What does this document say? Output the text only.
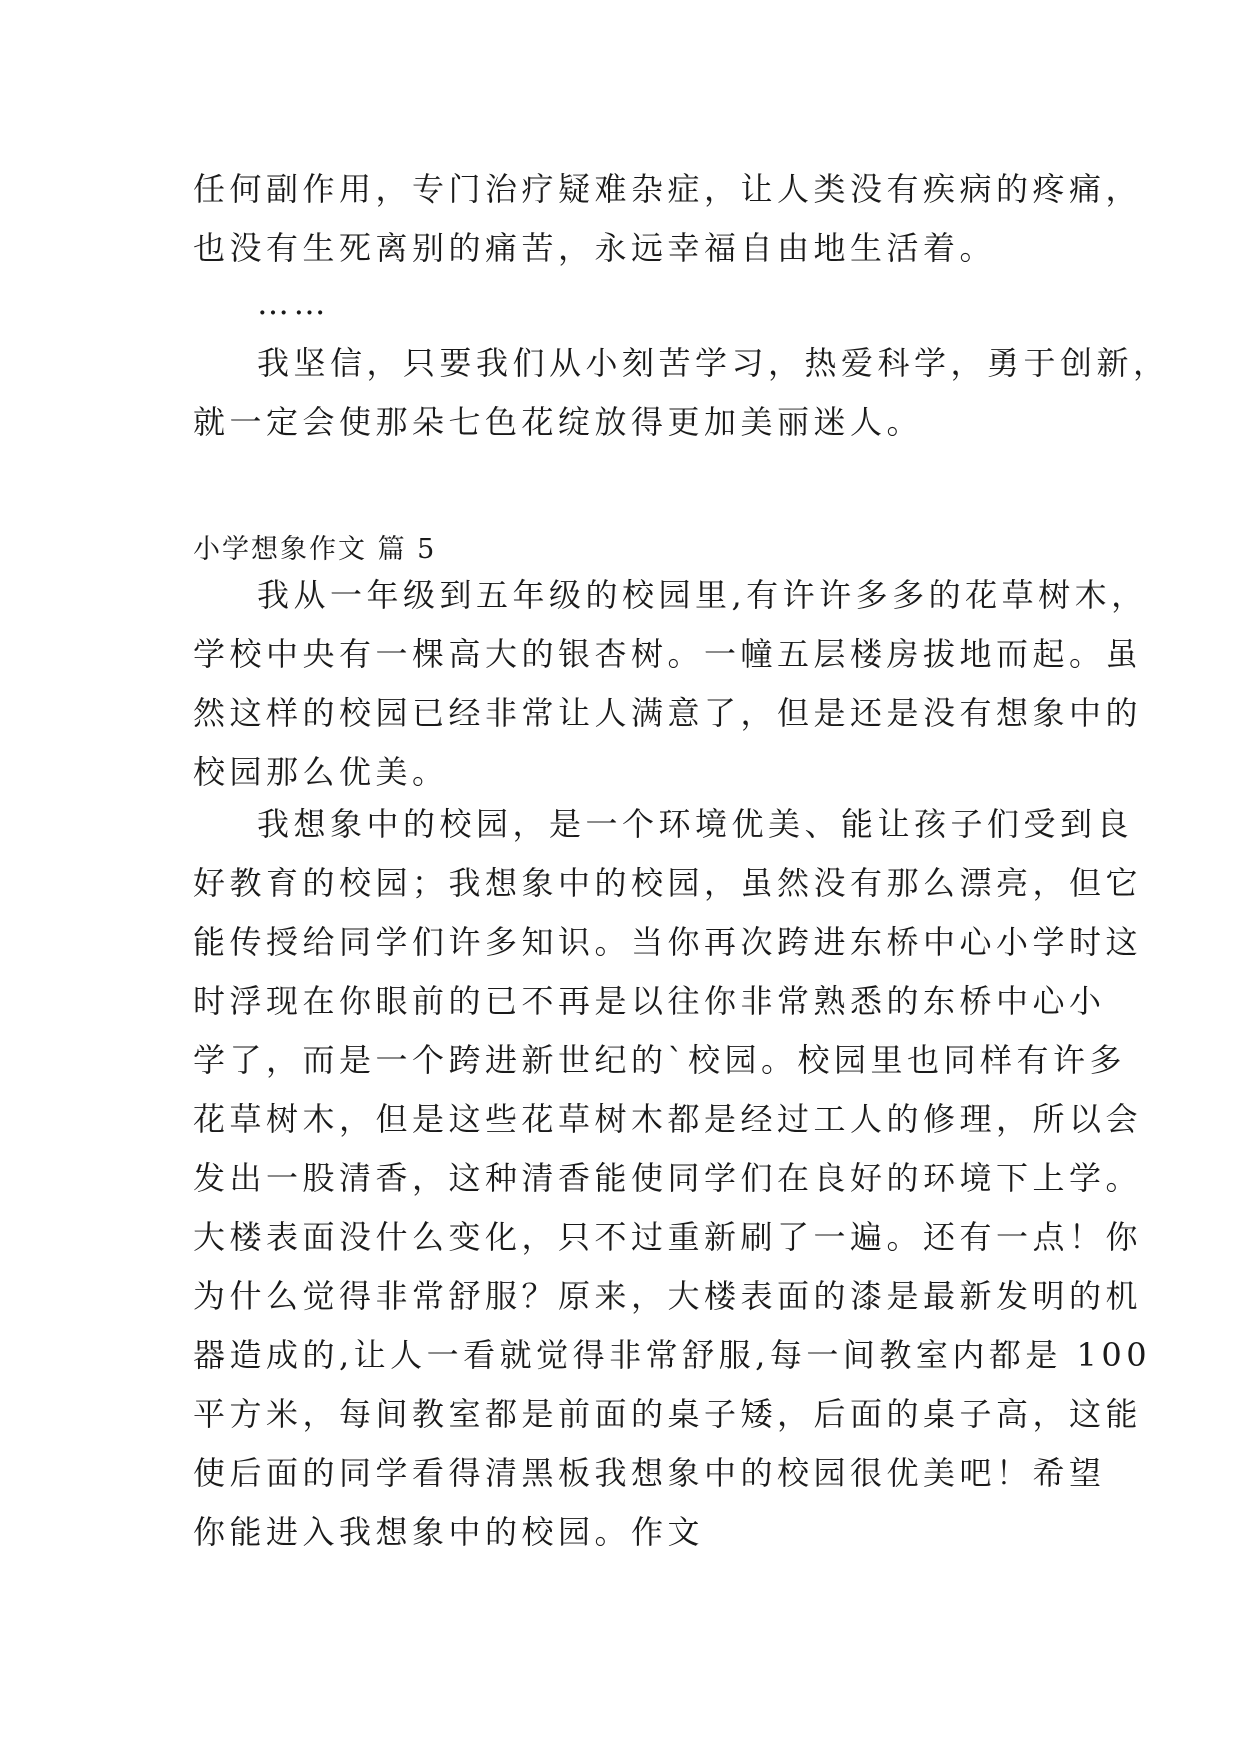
任何副作用，专门治疗疑难杂症，让人类没有疾病的疼痛，
也没有生死离别的痛苦，永远幸福自由地生活着。
……
我坚信，只要我们从小刻苦学习，热爱科学，勇于创新，
就一定会使那朵七色花绽放得更加美丽迷人。
小学想象作文 篇 5
我从一年级到五年级的校园里,有许许多多的花草树木，
学校中央有一棵高大的银杏树。一幢五层楼房拔地而起。虽
然这样的校园已经非常让人满意了，但是还是没有想象中的
校园那么优美。
我想象中的校园，是一个环境优美、能让孩子们受到良
好教育的校园；我想象中的校园，虽然没有那么漂亮，但它
能传授给同学们许多知识。当你再次跨进东桥中心小学时这
时浮现在你眼前的已不再是以往你非常熟悉的东桥中心小
学了，而是一个跨进新世纪的`校园。校园里也同样有许多
花草树木，但是这些花草树木都是经过工人的修理，所以会
发出一股清香，这种清香能使同学们在良好的环境下上学。
大楼表面没什么变化，只不过重新刷了一遍。还有一点！你
为什么觉得非常舒服？原来，大楼表面的漆是最新发明的机
器造成的,让人一看就觉得非常舒服,每一间教室内都是 100
平方米，每间教室都是前面的桌子矮，后面的桌子高，这能
使后面的同学看得清黑板我想象中的校园很优美吧！希望
你能进入我想象中的校园。作文
